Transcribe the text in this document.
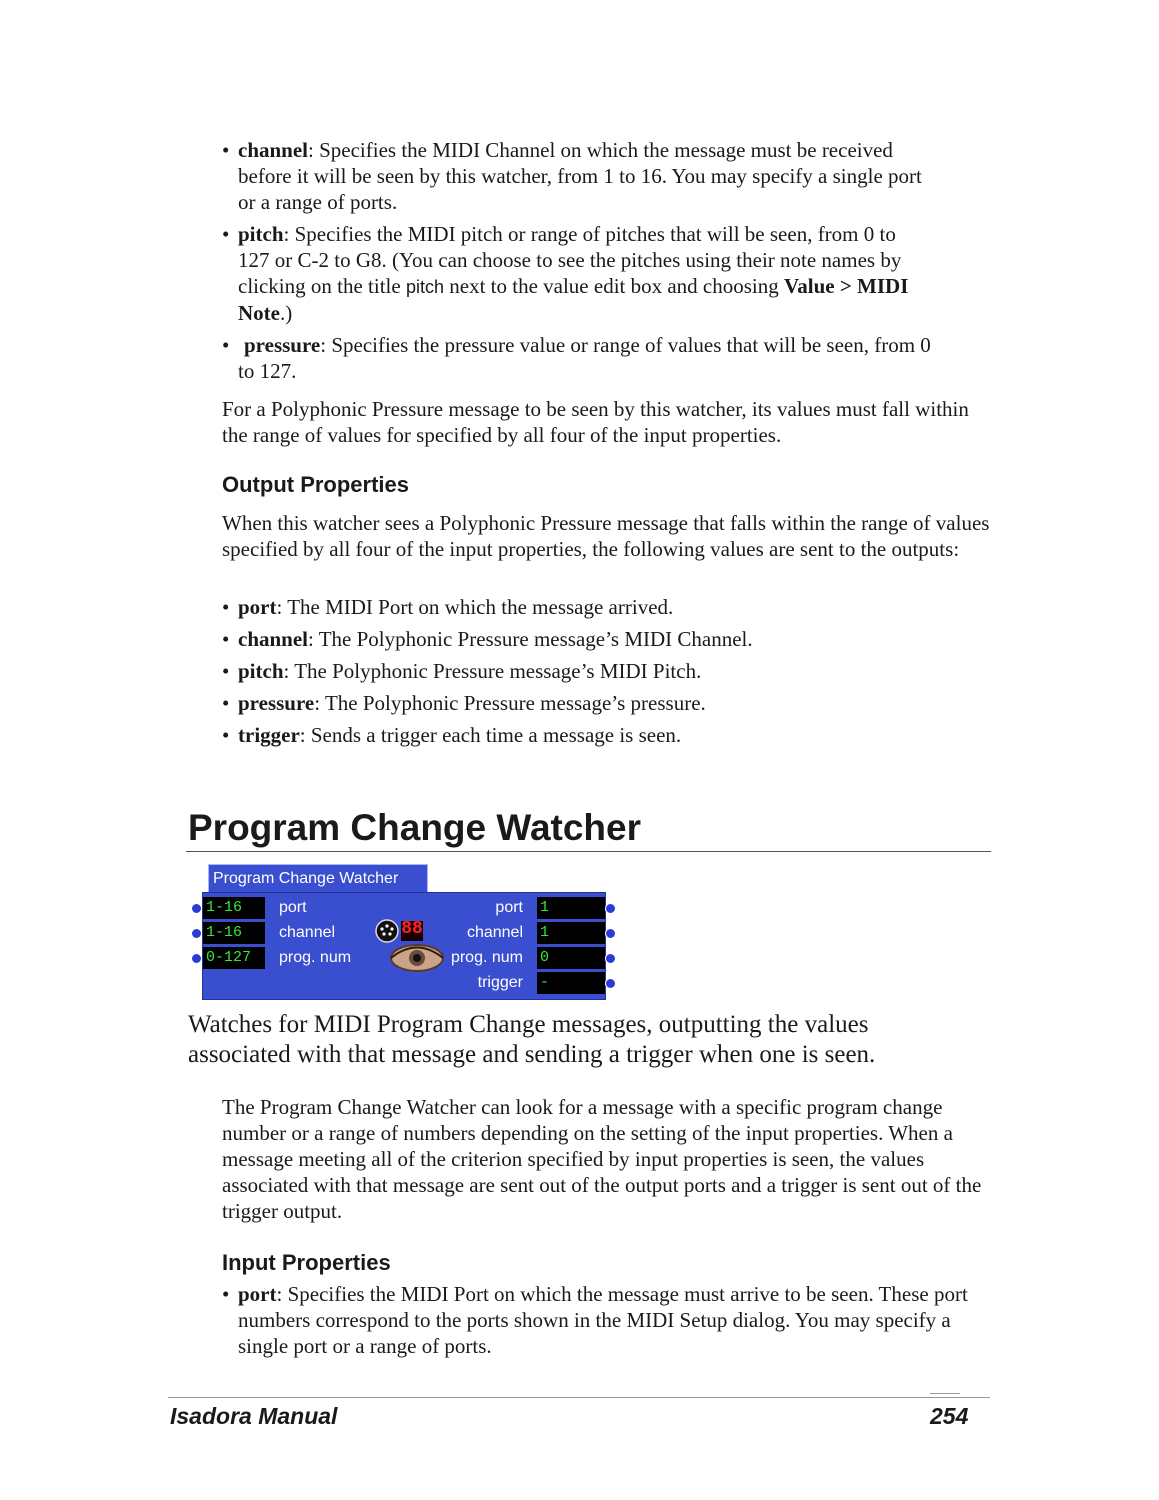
• channel: Specifies the MIDI Channel on which the message must be received
before it will be seen by this watcher, from 1 to 16. You may specify a single port
or a range of ports.
• pitch: Specifies the MIDI pitch or range of pitches that will be seen, from 0 to
127 or C-2 to G8. (You can choose to see the pitches using their note names by
clicking on the title pitch next to the value edit box and choosing Value > MIDI
Note.)
• pressure: Specifies the pressure value or range of values that will be seen, from 0
to 127.
For a Polyphonic Pressure message to be seen by this watcher, its values must fall within the range of values for specified by all four of the input properties.
Output Properties
When this watcher sees a Polyphonic Pressure message that falls within the range of values specified by all four of the input properties, the following values are sent to the outputs:
• port: The MIDI Port on which the message arrived.
• channel: The Polyphonic Pressure message’s MIDI Channel.
• pitch: The Polyphonic Pressure message’s MIDI Pitch.
• pressure: The Polyphonic Pressure message’s pressure.
• trigger: Sends a trigger each time a message is seen.
Program Change Watcher
Program Change Watcher
1-16	port	port 1
1-16	channel	channel 1
0-127	prog. num	prog. num 0
trigger -
88
Watches for MIDI Program Change messages, outputting the values associated with that message and sending a trigger when one is seen.
The Program Change Watcher can look for a message with a specific program change number or a range of numbers depending on the setting of the input properties. When a message meeting all of the criterion specified by input properties is seen, the values associated with that message are sent out of the output ports and a trigger is sent out of the trigger output.
Input Properties
• port: Specifies the MIDI Port on which the message must arrive to be seen. These port numbers correspond to the ports shown in the MIDI Setup dialog. You may specify a single port or a range of ports.
Isadora Manual	254
